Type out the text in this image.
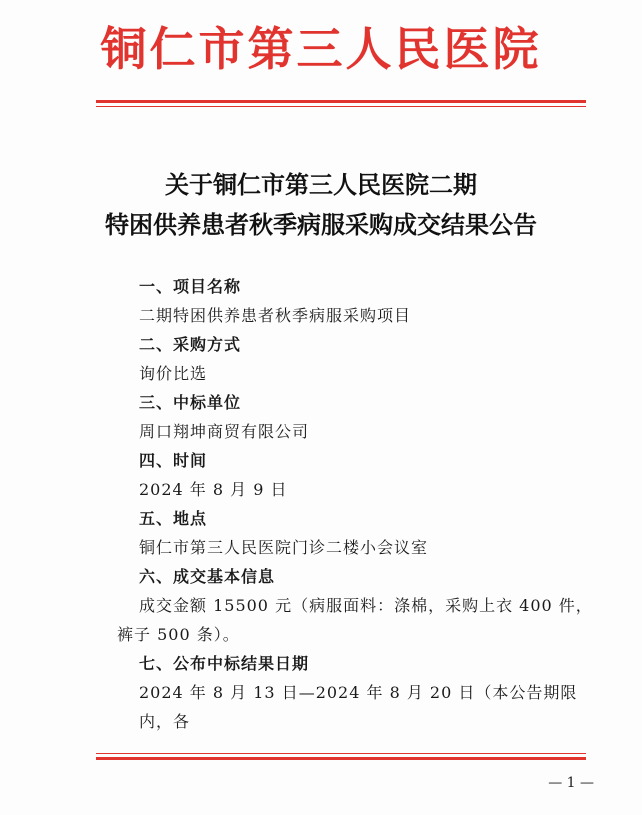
铜仁市第三人民医院
关于铜仁市第三人民医院二期
特困供养患者秋季病服采购成交结果公告
一、项目名称
二期特困供养患者秋季病服采购项目
二、采购方式
询价比选
三、中标单位
周口翔坤商贸有限公司
四、时间
2024 年 8 月 9 日
五、地点
铜仁市第三人民医院门诊二楼小会议室
六、成交基本信息
成交金额 15500 元（病服面料：涤棉，采购上衣 400 件，裤子 500 条）。
七、公布中标结果日期
2024 年 8 月 13 日—2024 年 8 月 20 日（本公告期限内，各
— 1 —
